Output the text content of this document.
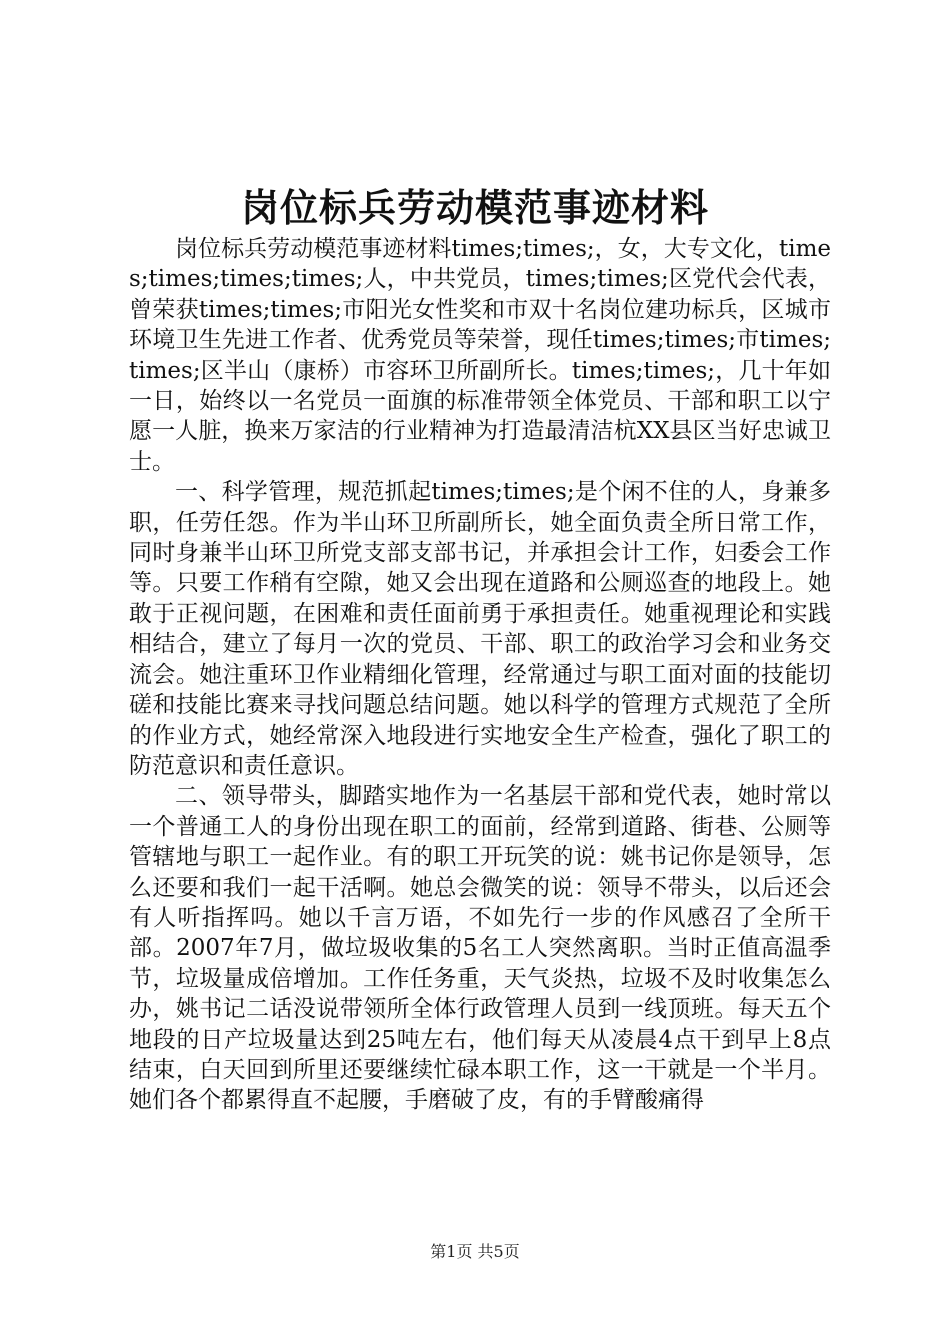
岗位标兵劳动模范事迹材料

岗位标兵劳动模范事迹材料times;times;，女，大专文化，times;times;times;times;人，中共党员，times;times;区党代会代表，曾荣获times;times;市阳光女性奖和市双十名岗位建功标兵，区城市环境卫生先进工作者、优秀党员等荣誉，现任times;times;市times;times;区半山（康桥）市容环卫所副所长。times;times;，几十年如一日，始终以一名党员一面旗的标准带领全体党员、干部和职工以宁愿一人脏，换来万家洁的行业精神为打造最清洁杭XX县区当好忠诚卫士。

一、科学管理，规范抓起times;times;是个闲不住的人，身兼多职，任劳任怨。作为半山环卫所副所长，她全面负责全所日常工作，同时身兼半山环卫所党支部支部书记，并承担会计工作，妇委会工作等。只要工作稍有空隙，她又会出现在道路和公厕巡查的地段上。她敢于正视问题，在困难和责任面前勇于承担责任。她重视理论和实践相结合，建立了每月一次的党员、干部、职工的政治学习会和业务交流会。她注重环卫作业精细化管理，经常通过与职工面对面的技能切磋和技能比赛来寻找问题总结问题。她以科学的管理方式规范了全所的作业方式，她经常深入地段进行实地安全生产检查，强化了职工的防范意识和责任意识。

二、领导带头，脚踏实地作为一名基层干部和党代表，她时常以一个普通工人的身份出现在职工的面前，经常到道路、街巷、公厕等管辖地与职工一起作业。有的职工开玩笑的说：姚书记你是领导，怎么还要和我们一起干活啊。她总会微笑的说：领导不带头，以后还会有人听指挥吗。她以千言万语，不如先行一步的作风感召了全所干部。2007年7月，做垃圾收集的5名工人突然离职。当时正值高温季节，垃圾量成倍增加。工作任务重，天气炎热，垃圾不及时收集怎么办，姚书记二话没说带领所全体行政管理人员到一线顶班。每天五个地段的日产垃圾量达到25吨左右，他们每天从凌晨4点干到早上8点结束，白天回到所里还要继续忙碌本职工作，这一干就是一个半月。她们各个都累得直不起腰，手磨破了皮，有的手臂酸痛得

第1页 共5页
